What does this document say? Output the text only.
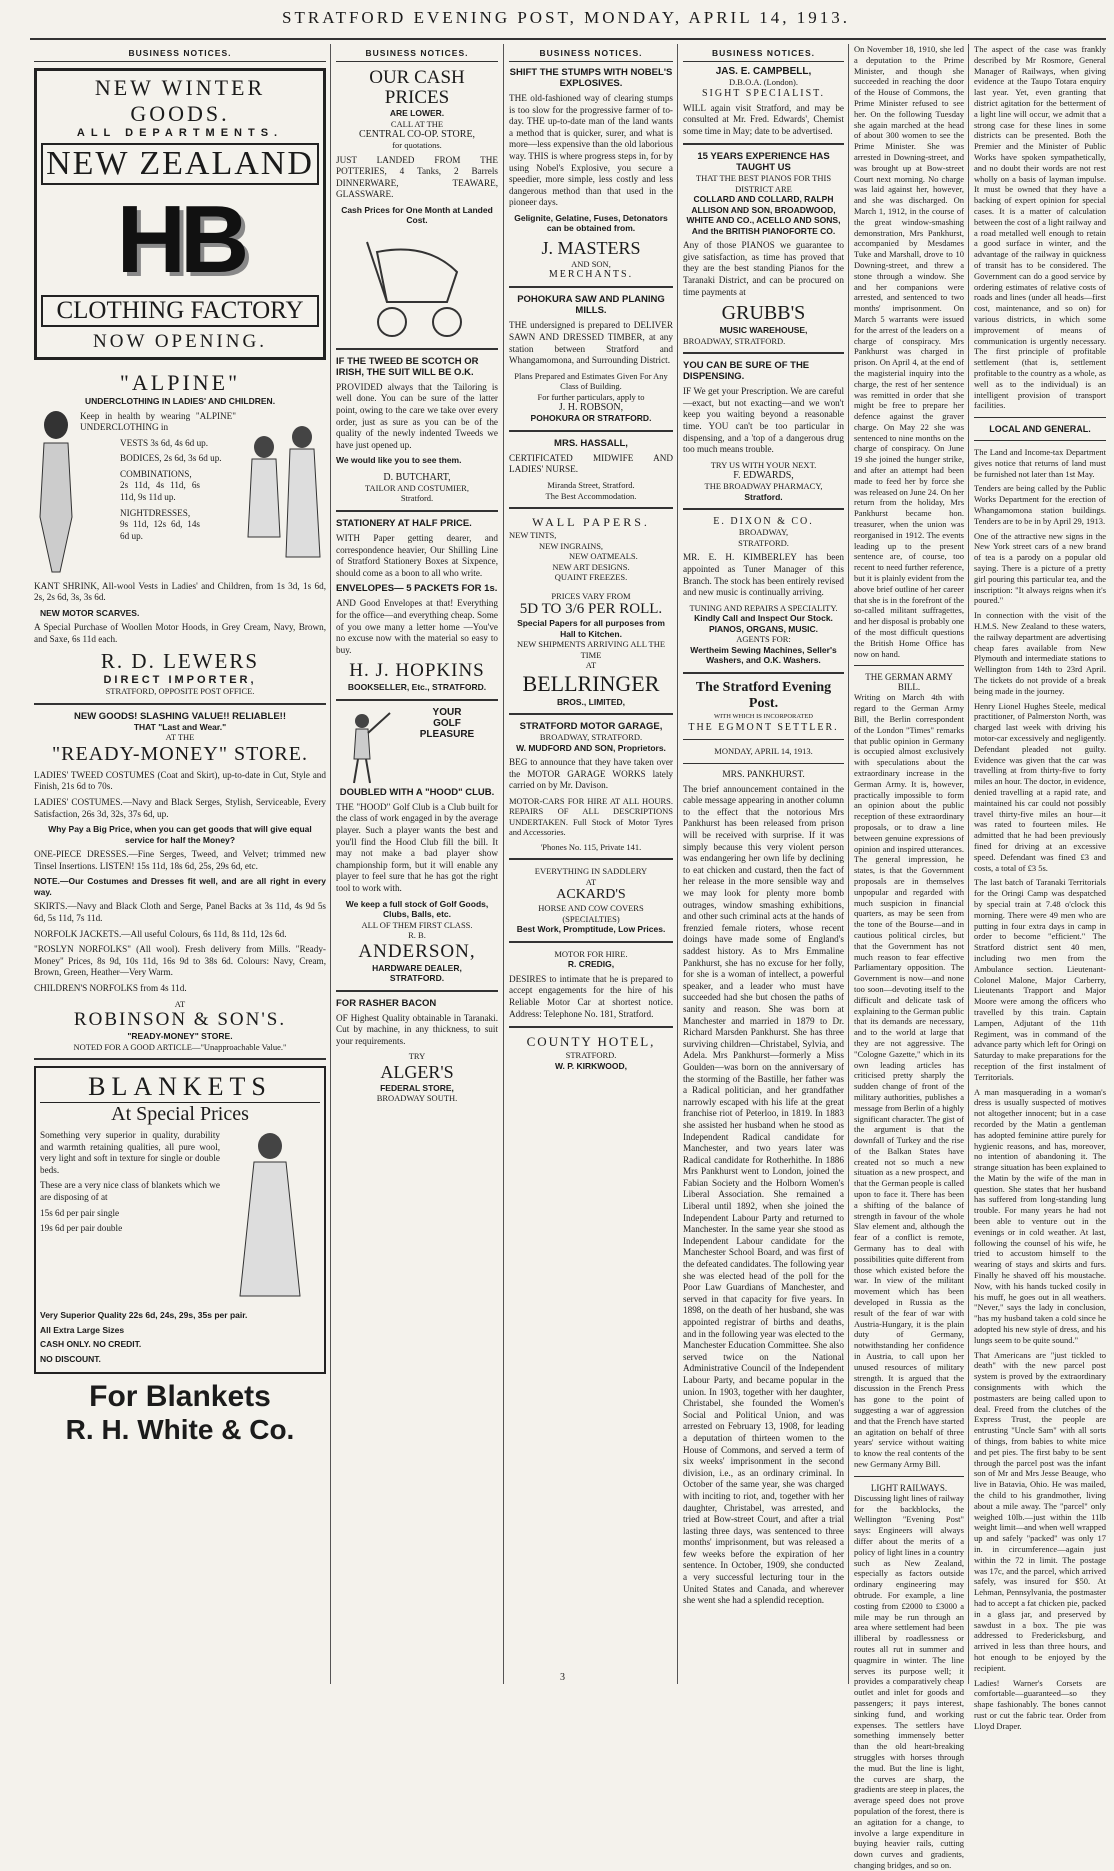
STRATFORD EVENING POST, MONDAY, APRIL 14, 1913.
BUSINESS NOTICES.
NEW WINTER GOODS.
ALL DEPARTMENTS.
NEW ZEALAND
HB
CLOTHING FACTORY
NOW OPENING.
"ALPINE"
UNDERCLOTHING IN LADIES' AND CHILDREN.
Keep in health by wearing "ALPINE" UNDERCLOTHING in
VESTS 3s 6d, 4s 6d up.
BODICES, 2s 6d, 3s 6d up.
COMBINATIONS, 2s 11d, 4s 11d, 6s 11d, 9s 11d up.
NIGHTDRESSES, 9s 11d, 12s 6d, 14s 6d up.
KANT SHRINK, All-wool Vests in Ladies' and Children, from 1s 3d, 1s 6d, 2s, 2s 6d, 3s, 3s 6d.
NEW MOTOR SCARVES.
A Special Purchase of Woollen Motor Hoods, in Grey Cream, Navy, Brown, and Saxe, 6s 11d each.
R. D. LEWERS
DIRECT IMPORTER,
STRATFORD, OPPOSITE POST OFFICE.
NEW GOODS! SLASHING VALUE!! RELIABLE!!
THAT "Last and Wear."
AT THE
"READY-MONEY" STORE.
LADIES' TWEED COSTUMES (Coat and Skirt), up-to-date in Cut, Style and Finish, 21s 6d to 70s.
LADIES' COSTUMES.—Navy and Black Serges, Stylish, Serviceable, Every Satisfaction, 26s 3d, 32s, 37s 6d, up.
Why Pay a Big Price, when you can get goods that will give equal service for half the Money?
ONE-PIECE DRESSES.—Fine Serges, Tweed, and Velvet; trimmed new Tinsel Insertions. LISTEN! 15s 11d, 18s 6d, 25s, 29s 6d, etc.
NOTE.—Our Costumes and Dresses fit well, and are all right in every way.
SKIRTS.—Navy and Black Cloth and Serge, Panel Backs at 3s 11d, 4s 9d 5s 6d, 5s 11d, 7s 11d.
NORFOLK JACKETS.—All useful Colours, 6s 11d, 8s 11d, 12s 6d.
"ROSLYN NORFOLKS" (All wool). Fresh delivery from Mills. "Ready-Money" Prices, 8s 9d, 10s 11d, 16s 9d to 38s 6d. Colours: Navy, Cream, Brown, Green, Heather—Very Warm.
CHILDREN'S NORFOLKS from 4s 11d.
AT
ROBINSON & SON'S.
"READY-MONEY" STORE.
NOTED FOR A GOOD ARTICLE—"Unapproachable Value."
BLANKETS
At Special Prices
Something very superior in quality, durability and warmth retaining qualities, all pure wool, very light and soft in texture for single or double beds.
These are a very nice class of blankets which we are disposing of at
15s 6d per pair single
19s 6d per pair double
Very Superior Quality 22s 6d, 24s, 29s, 35s per pair.
All Extra Large Sizes
CASH ONLY. NO CREDIT.
NO DISCOUNT.
For Blankets
R. H. White & Co.
BUSINESS NOTICES.
OUR CASH PRICES
ARE LOWER.
CALL AT THE
CENTRAL CO-OP. STORE,
for quotations.
JUST LANDED FROM THE POTTERIES, 4 Tanks, 2 Barrels DINNERWARE, TEAWARE, GLASSWARE.
Cash Prices for One Month at Landed Cost.
IF THE TWEED BE SCOTCH OR IRISH, THE SUIT WILL BE O.K.
PROVIDED always that the Tailoring is well done. You can be sure of the latter point, owing to the care we take over every order, just as sure as you can be of the quality of the newly indented Tweeds we have just opened up.
We would like you to see them.
D. BUTCHART,
TAILOR AND COSTUMIER,
Stratford.
STATIONERY AT HALF PRICE.
WITH Paper getting dearer, and correspondence heavier, Our Shilling Line of Stratford Stationery Boxes at Sixpence, should come as a boon to all who write.
ENVELOPES— 5 PACKETS FOR 1s.
AND Good Envelopes at that! Everything for the office—and everything cheap. Some of you owe many a letter home —You've no excuse now with the material so easy to buy.
H. J. HOPKINS
BOOKSELLER, Etc., STRATFORD.
YOUR
GOLF
PLEASURE
DOUBLED WITH A "HOOD" CLUB.
THE "HOOD" Golf Club is a Club built for the class of work engaged in by the average player. Such a player wants the best and you'll find the Hood Club fill the bill. It may not make a bad player show championship form, but it will enable any player to feel sure that he has got the right tool to work with.
We keep a full stock of Golf Goods, Clubs, Balls, etc.
ALL OF THEM FIRST CLASS.
R. B.
ANDERSON,
HARDWARE DEALER,
STRATFORD.
FOR RASHER BACON
OF Highest Quality obtainable in Taranaki. Cut by machine, in any thickness, to suit your requirements.
TRY
ALGER'S
FEDERAL STORE,
BROADWAY SOUTH.
BUSINESS NOTICES.
SHIFT THE STUMPS WITH NOBEL'S EXPLOSIVES.
THE old-fashioned way of clearing stumps is too slow for the progressive farmer of to-day. THE up-to-date man of the land wants a method that is quicker, surer, and what is more—less expensive than the old laborious way. THIS is where progress steps in, for by using Nobel's Explosive, you secure a speedier, more simple, less costly and less dangerous method than that used in the pioneer days.
Gelignite, Gelatine, Fuses, Detonators can be obtained from.
J. MASTERS
AND SON,
MERCHANTS.
POHOKURA SAW AND PLANING MILLS.
THE undersigned is prepared to DELIVER SAWN AND DRESSED TIMBER, at any station between Stratford and Whangamomona, and Surrounding District.
Plans Prepared and Estimates Given For Any Class of Building.
For further particulars, apply to
J. H. ROBSON,
POHOKURA OR STRATFORD.
MRS. HASSALL,
CERTIFICATED MIDWIFE AND LADIES' NURSE.
Miranda Street, Stratford.
The Best Accommodation.
WALL PAPERS.
NEW TINTS,
NEW INGRAINS,
NEW OATMEALS.
NEW ART DESIGNS.
QUAINT FREEZES.
PRICES VARY FROM
5D TO 3/6 PER ROLL.
Special Papers for all purposes from Hall to Kitchen.
NEW SHIPMENTS ARRIVING ALL THE TIME
AT
BELLRINGER
BROS., LIMITED,
STRATFORD MOTOR GARAGE,
BROADWAY, STRATFORD.
W. MUDFORD AND SON, Proprietors.
BEG to announce that they have taken over the MOTOR GARAGE WORKS lately carried on by Mr. Davison.
MOTOR-CARS FOR HIRE AT ALL HOURS. REPAIRS OF ALL DESCRIPTIONS UNDERTAKEN. Full Stock of Motor Tyres and Accessories.
'Phones No. 115, Private 141.
EVERYTHING IN SADDLERY
AT
ACKARD'S
HORSE AND COW COVERS (SPECIALTIES)
Best Work, Promptitude, Low Prices.
MOTOR FOR HIRE.
R. CREDIG,
DESIRES to intimate that he is prepared to accept engagements for the hire of his Reliable Motor Car at shortest notice. Address: Telephone No. 181, Stratford.
COUNTY HOTEL,
STRATFORD.
W. P. KIRKWOOD,
BUSINESS NOTICES.
JAS. E. CAMPBELL,
D.B.O.A. (London).
SIGHT SPECIALIST.
WILL again visit Stratford, and may be consulted at Mr. Fred. Edwards', Chemist some time in May; date to be advertised.
15 YEARS EXPERIENCE HAS TAUGHT US
THAT THE BEST PIANOS FOR THIS DISTRICT ARE
COLLARD AND COLLARD, RALPH ALLISON AND SON, BROADWOOD, WHITE AND CO., ACELLO AND SONS, And the BRITISH PIANOFORTE CO.
Any of those PIANOS we guarantee to give satisfaction, as time has proved that they are the best standing Pianos for the Taranaki District, and can be procured on time payments at
GRUBB'S
MUSIC WAREHOUSE,
BROADWAY, STRATFORD.
YOU CAN BE SURE OF THE DISPENSING.
IF We get your Prescription. We are careful—exact, but not exacting—and we won't keep you waiting beyond a reasonable time. YOU can't be too particular in dispensing, and a 'top of a dangerous drug too much means trouble.
TRY US WITH YOUR NEXT.
F. EDWARDS,
THE BROADWAY PHARMACY,
Stratford.
E. DIXON & CO.
BROADWAY,
STRATFORD.
MR. E. H. KIMBERLEY has been appointed as Tuner Manager of this Branch. The stock has been entirely revised and new music is continually arriving.
TUNING AND REPAIRS A SPECIALITY.
Kindly Call and Inspect Our Stock. PIANOS, ORGANS, MUSIC.
AGENTS FOR:
Wertheim Sewing Machines, Seller's Washers, and O.K. Washers.
The Stratford Evening Post.
WITH WHICH IS INCORPORATED
THE EGMONT SETTLER.
MONDAY, APRIL 14, 1913.
MRS. PANKHURST.
The brief announcement contained in the cable message appearing in another column to the effect that the notorious Mrs Pankhurst has been released from prison will be received with surprise. If it was simply because this very violent person was endangering her own life by declining to eat chicken and custard, then the fact of her release in the more sensible way and we may look for plenty more bomb outrages, window smashing exhibitions, and other such criminal acts at the hands of frenzied female rioters, whose recent doings have made some of England's saddest history. As to Mrs Emmaline Pankhurst, she has no excuse for her folly, for she is a woman of intellect, a powerful speaker, and a leader who must have succeeded had she but chosen the paths of sanity and reason. She was born at Manchester and married in 1879 to Dr. Richard Marsden Pankhurst. She has three surviving children—Christabel, Sylvia, and Adela. Mrs Pankhurst—formerly a Miss Goulden—was born on the anniversary of the storming of the Bastille, her father was a Radical politician, and her grandfather narrowly escaped with his life at the great franchise riot of Peterloo, in 1819. In 1883 she assisted her husband when he stood as Independent Radical candidate for Manchester, and two years later was Radical candidate for Rotherhithe. In 1886 Mrs Pankhurst went to London, joined the Fabian Society and the Holborn Women's Liberal Association. She remained a Liberal until 1892, when she joined the Independent Labour Party and returned to Manchester. In the same year she stood as Independent Labour candidate for the Manchester School Board, and was first of the defeated candidates. The following year she was elected head of the poll for the Poor Law Guardians of Manchester, and served in that capacity for five years. In 1898, on the death of her husband, she was appointed registrar of births and deaths, and in the following year was elected to the Manchester Education Committee. She also served twice on the National Administrative Council of the Independent Labour Party, and became popular in the union. In 1903, together with her daughter, Christabel, she founded the Women's Social and Political Union, and was arrested on February 13, 1908, for leading a deputation of thirteen women to the House of Commons, and served a term of six weeks' imprisonment in the second division, i.e., as an ordinary criminal. In October of the same year, she was charged with inciting to riot, and, together with her daughter, Christabel, was arrested, and tried at Bow-street Court, and after a trial lasting three days, was sentenced to three months' imprisonment, but was released a few weeks before the expiration of her sentence. In October, 1909, she conducted a very successful lecturing tour in the United States and Canada, and wherever she went she had a splendid reception.
On November 18, 1910, she led a deputation to the Prime Minister, and though she succeeded in reaching the door of the House of Commons, the Prime Minister refused to see her. On the following Tuesday she again marched at the head of about 300 women to see the Prime Minister. She was arrested in Downing-street, and was brought up at Bow-street Court next morning. No charge was laid against her, however, and she was discharged. On March 1, 1912, in the course of the great window-smashing demonstration, Mrs Pankhurst, accompanied by Mesdames Tuke and Marshall, drove to 10 Downing-street, and threw a stone through a window. She and her companions were arrested, and sentenced to two months' imprisonment. On March 5 warrants were issued for the arrest of the leaders on a charge of conspiracy. Mrs Pankhurst was charged in prison. On April 4, at the end of the magisterial inquiry into the charge, the rest of her sentence was remitted in order that she might be free to prepare her defence against the graver charge. On May 22 she was sentenced to nine months on the charge of conspiracy. On June 19 she joined the hunger strike, and after an attempt had been made to feed her by force she was released on June 24. On her return from the holiday, Mrs Pankhurst became hon. treasurer, when the union was reorganised in 1912. The events leading up to the present sentence are, of course, too recent to need further reference, but it is plainly evident from the above brief outline of her career that she is in the forefront of the so-called militant suffragettes, and her disposal is probably one of the most difficult questions the British Home Office has now on hand.
THE GERMAN ARMY BILL.
Writing on March 4th with regard to the German Army Bill, the Berlin correspondent of the London "Times" remarks that public opinion in Germany is occupied almost exclusively with speculations about the extraordinary increase in the German Army. It is, however, practically impossible to form an opinion about the public reception of these extraordinary proposals, or to draw a line between genuine expressions of opinion and inspired utterances. The general impression, he states, is that the Government proposals are in themselves unpopular and regarded with much suspicion in financial quarters, as may be seen from the tone of the Bourse—and in cautious political circles, but that the Government has not much reason to fear effective Parliamentary opposition. The Government is now—and none too soon—devoting itself to the difficult and delicate task of explaining to the German public that its demands are necessary, and to the world at large that they are not aggressive. The "Cologne Gazette," which in its own leading articles has criticised pretty sharply the sudden change of front of the military authorities, publishes a message from Berlin of a highly significant character. The gist of the argument is that the downfall of Turkey and the rise of the Balkan States have created not so much a new situation as a new prospect, and that the German people is called upon to face it. There has been a shifting of the balance of strength in favour of the whole Slav element and, although the fear of a conflict is remote, Germany has to deal with possibilities quite different from those which existed before the war. In view of the militant movement which has been developed in Russia as the result of the fear of war with Austria-Hungary, it is the plain duty of Germany, notwithstanding her confidence in Austria, to call upon her unused resources of military strength. It is argued that the discussion in the French Press has gone to the point of suggesting a war of aggression and that the French have started an agitation on behalf of three years' service without waiting to know the real contents of the new Germany Army Bill.
LIGHT RAILWAYS.
Discussing light lines of railway for the backblocks, the Wellington "Evening Post" says: Engineers will always differ about the merits of a policy of light lines in a country such as New Zealand, especially as factors outside ordinary engineering may obtrude. For example, a line costing from £2000 to £3000 a mile may be run through an area where settlement had been illiberal by roadlessness or routes all rut in summer and quagmire in winter. The line serves its purpose well; it provides a comparatively cheap outlet and inlet for goods and passengers; it pays interest, sinking fund, and working expenses. The settlers have something immensely better than the old heart-breaking struggles with horses through the mud. But the line is light, the curves are sharp, the gradients are steep in places, the average speed does not prove population of the forest, there is an agitation for a change, to involve a large expenditure in buying heavier rails, cutting down curves and gradients, changing bridges, and so on.
The aspect of the case was frankly described by Mr Rosmore, General Manager of Railways, when giving evidence at the Taupo Totara enquiry last year. Yet, even granting that district agitation for the betterment of a light line will occur, we admit that a strong case for these lines in some districts can be presented. Both the Premier and the Minister of Public Works have spoken sympathetically, and no doubt their words are not rest wholly on a basis of layman impulse. It must be owned that they have a backing of expert opinion for special cases. It is a matter of calculation between the cost of a light railway and a road metalled well enough to retain a good surface in winter, and the advantage of the railway in quickness of transit has to be considered. The Government can do a good service by ordering estimates of relative costs of roads and lines (under all heads—first cost, maintenance, and so on) for various districts, in which some improvement of means of communication is urgently necessary. The first principle of profitable settlement (that is, settlement profitable to the country as a whole, as well as to the individual) is an intelligent provision of transport facilities.
LOCAL AND GENERAL.
The Land and Income-tax Department gives notice that returns of land must be furnished not later than 1st May.
Tenders are being called by the Public Works Department for the erection of Whangamomona station buildings. Tenders are to be in by April 29, 1913.
One of the attractive new signs in the New York street cars of a new brand of tea is a parody on a popular old saying. There is a picture of a pretty girl pouring this particular tea, and the inscription: "It always reigns when it's poured."
In connection with the visit of the H.M.S. New Zealand to these waters, the railway department are advertising cheap fares available from New Plymouth and intermediate stations to Wellington from 14th to 23rd April. The tickets do not provide of a break being made in the journey.
Henry Lionel Hughes Steele, medical practitioner, of Palmerston North, was charged last week with driving his motor-car excessively and negligently. Defendant pleaded not guilty. Evidence was given that the car was travelling at from thirty-five to forty miles an hour. The doctor, in evidence, denied travelling at a rapid rate, and maintained his car could not possibly travel thirty-five miles an hour—it was rated to fourteen miles. He admitted that he had been previously fined for driving at an excessive speed. Defendant was fined £3 and costs, a total of £3 5s.
The last batch of Taranaki Territorials for the Oringi Camp was despatched by special train at 7.48 o'clock this morning. There were 49 men who are putting in four extra days in camp in order to become "efficient." The Stratford district sent 40 men, including two men from the Ambulance section. Lieutenant-Colonel Malone, Major Carberry, Lieutenants Trapport and Major Moore were among the officers who travelled by this train. Captain Lampen, Adjutant of the 11th Regiment, was in command of the advance party which left for Oringi on Saturday to make preparations for the reception of the first instalment of Territorials.
A man masquerading in a woman's dress is usually suspected of motives not altogether innocent; but in a case recorded by the Matin a gentleman has adopted feminine attire purely for hygienic reasons, and has, moreover, no intention of abandoning it. The strange situation has been explained to the Matin by the wife of the man in question. She states that her husband has suffered from long-standing lung trouble. For many years he had not been able to venture out in the evenings or in cold weather. At last, following the counsel of his wife, he tried to accustom himself to the wearing of stays and skirts and furs. Finally he shaved off his moustache. Now, with his hands tucked cosily in his muff, he goes out in all weathers. "Never," says the lady in conclusion, "has my husband taken a cold since he adopted his new style of dress, and his lungs seem to be quite sound."
That Americans are "just tickled to death" with the new parcel post system is proved by the extraordinary consignments with which the postmasters are being called upon to deal. Freed from the clutches of the Express Trust, the people are entrusting "Uncle Sam" with all sorts of things, from babies to white mice and pet pies. The first baby to be sent through the parcel post was the infant son of Mr and Mrs Jesse Beauge, who live in Batavia, Ohio. He was mailed, the child to his grandmother, living about a mile away. The "parcel" only weighed 10lb.—just within the 11lb weight limit—and when well wrapped up and safely "packed" was only 17 in. in circumference—again just within the 72 in limit. The postage was 17c, and the parcel, which arrived safely, was insured for $50. At Lehman, Pennsylvania, the postmaster had to accept a fat chicken pie, packed in a glass jar, and preserved by sawdust in a box. The pie was addressed to Fredericksburg, and arrived in less than three hours, and hot enough to be enjoyed by the recipient.
Ladies! Warner's Corsets are comfortable—guaranteed—so they shape fashionably. The bones cannot rust or cut the fabric tear. Order from Lloyd Draper.
3
